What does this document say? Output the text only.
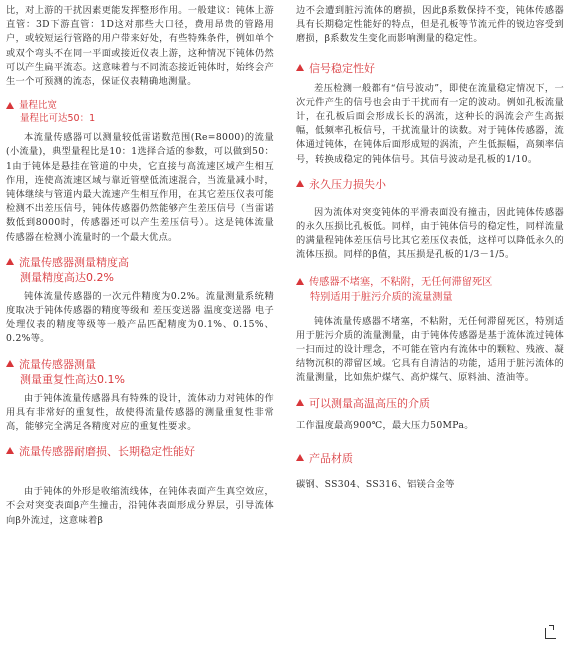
比，对上游的干扰因素更能发挥整形作用。一般建议：钝体上游直管：3D下游直管：1D这对那些大口径，费用昂贵的管路用户，或较短运行管路的用户带来好处，有些特殊条件，例如单个或双个弯头不在同一平面或接近仪表上游，这种情况下钝体仍然可以产生扁平流态。这意味着与不同流态接近钝体时，始终会产生一个可预测的流态，保证仪表精确地测量。

量程比宽
量程比可达50：1

本流量传感器可以测量较低雷诺数范围(Re=8000)的流量(小流量)，典型量程比是10：1选择合适的参数，可以做到50：1由于钝体是悬挂在管道的中央，它直接与高流速区域产生相互作用，连使高流速区域与靠近管壁低流速混合，当流量减小时，钝体继续与管道内最大流速产生相互作用，在其它差压仪表可能检测不出差压信号，钝体传感器仍然能够产生差压信号（当雷诺数低到8000时，传感器还可以产生差压信号）。这是钝体流量传感器在检测小流量时的一个最大优点。

流量传感器测量精度高
测量精度高达0.2%

钝体流量传感器的一次元件精度为0.2%。流量测量系统精度取决于钝体传感器的精度等级和 差压变送器 温度变送器 电子处理仪表的精度等级等一般产品匹配精度为0.1%、0.15%、0.2%等。

流量传感器测量
测量重复性高达0.1%

由于钝体流量传感器具有特殊的设计，流体动力对钝体的作用具有非常好的重复性，故使得流量传感器的测量重复性非常高，能够完全满足各精度对应的重复性要求。

流量传感器耐磨损、长期稳定性能好

由于钝体的外形是收缩流线体，在钝体表面产生真空效应，不会对突变表面β产生撞击，沿钝体表面形成分界层，引导流体向β外流过，这意味着β

边不会遭到脏污流体的磨损，因此β系数保持不变，钝体传感器具有长期稳定性能好的特点，但是孔板等节流元件的锐边容受到磨损，β系数发生变化而影响测量的稳定性。

信号稳定性好

差压检测一般都有“信号波动”，即使在流量稳定情况下，一次元件产生的信号也会由于干扰而有一定的波动。例如孔板流量计，在孔板后面会形成长长的涡流，这种长的涡流会产生高振幅，低频率孔板信号，干扰流量计的读数。对于钝体传感器，流体通过钝体，在钝体后面形成短的涡流，产生低振幅，高频率信号，转换成稳定的钝体信号。其信号波动是孔板的1/10。

永久压力损失小

因为流体对突变钝体的平滑表面没有撞击，因此钝体传感器的永久压损比孔板低。同样，由于钝体信号的稳定性，同样流量的满量程钝体差压信号比其它差压仪表低，这样可以降低永久的流体压损。同样的β值，其压损是孔板的1/3－1/5。

传感器不堵塞，不粘附，无任何滞留死区
特别适用于脏污介质的流量测量

钝体流量传感器不堵塞，不粘附，无任何滞留死区，特别适用于脏污介质的流量测量，由于钝体传感器是基于流体流过钝体一扫而过的设计理念，不可能在管内有流体中的颗粒、残液、凝结物沉积的滞留区域。它具有自清洁的功能，适用于脏污流体的流量测量，比如焦炉煤气、高炉煤气、原料油、渣油等。

可以测量高温高压的介质

工作温度最高900℃，最大压力50MPa。

产品材质

碳钢、SS304、SS316、铝镁合金等
